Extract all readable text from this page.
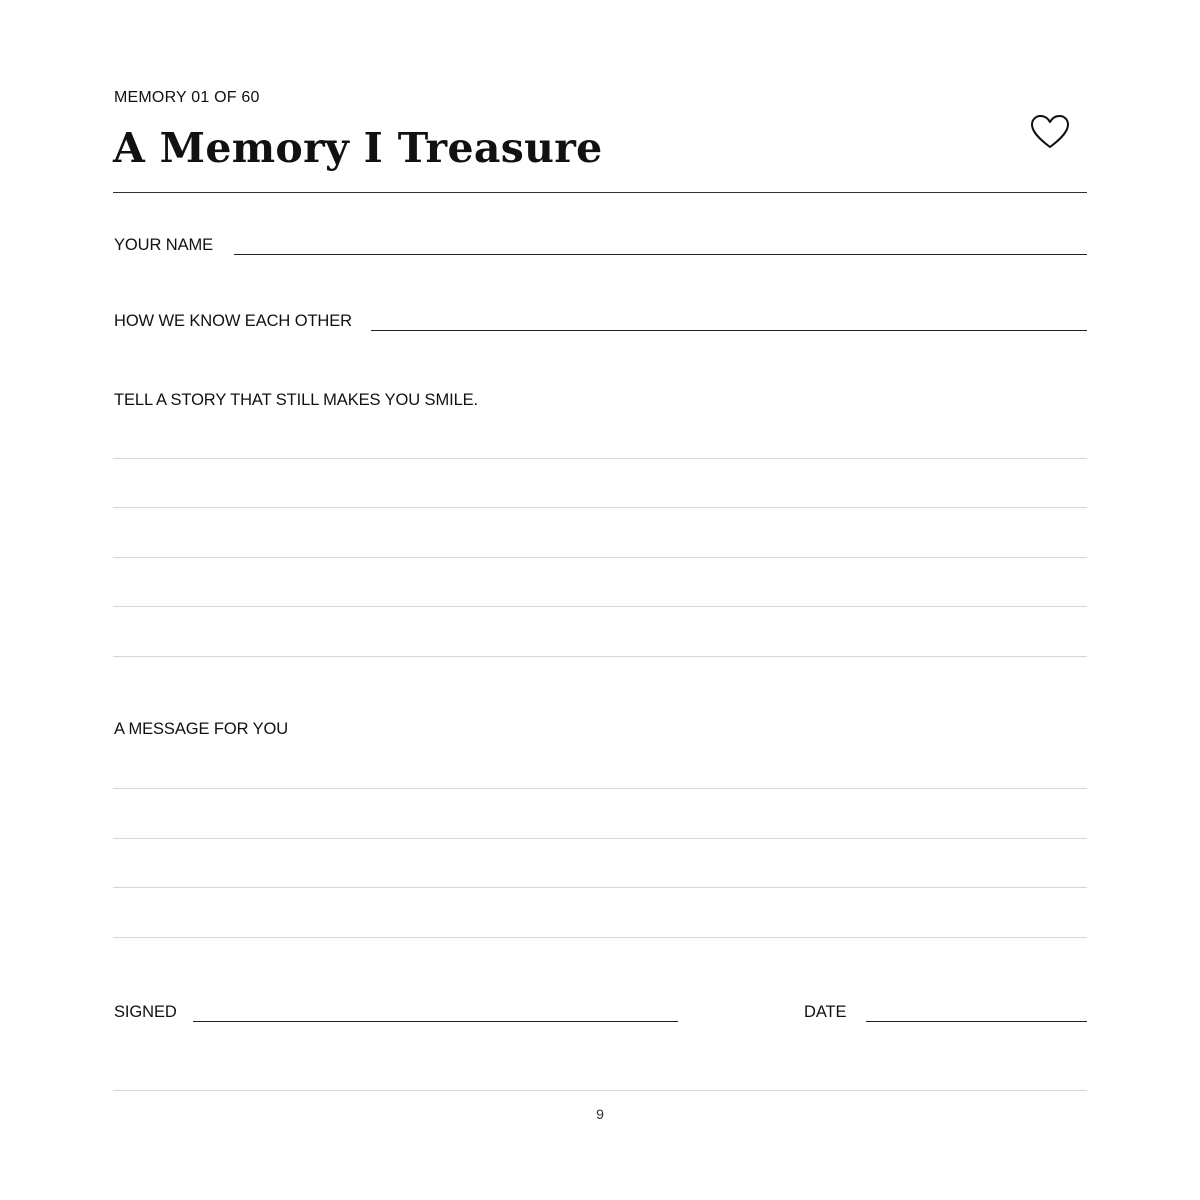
MEMORY 01 OF 60
A Memory I Treasure
YOUR NAME
HOW WE KNOW EACH OTHER
TELL A STORY THAT STILL MAKES YOU SMILE.
A MESSAGE FOR YOU
SIGNED	DATE
9
